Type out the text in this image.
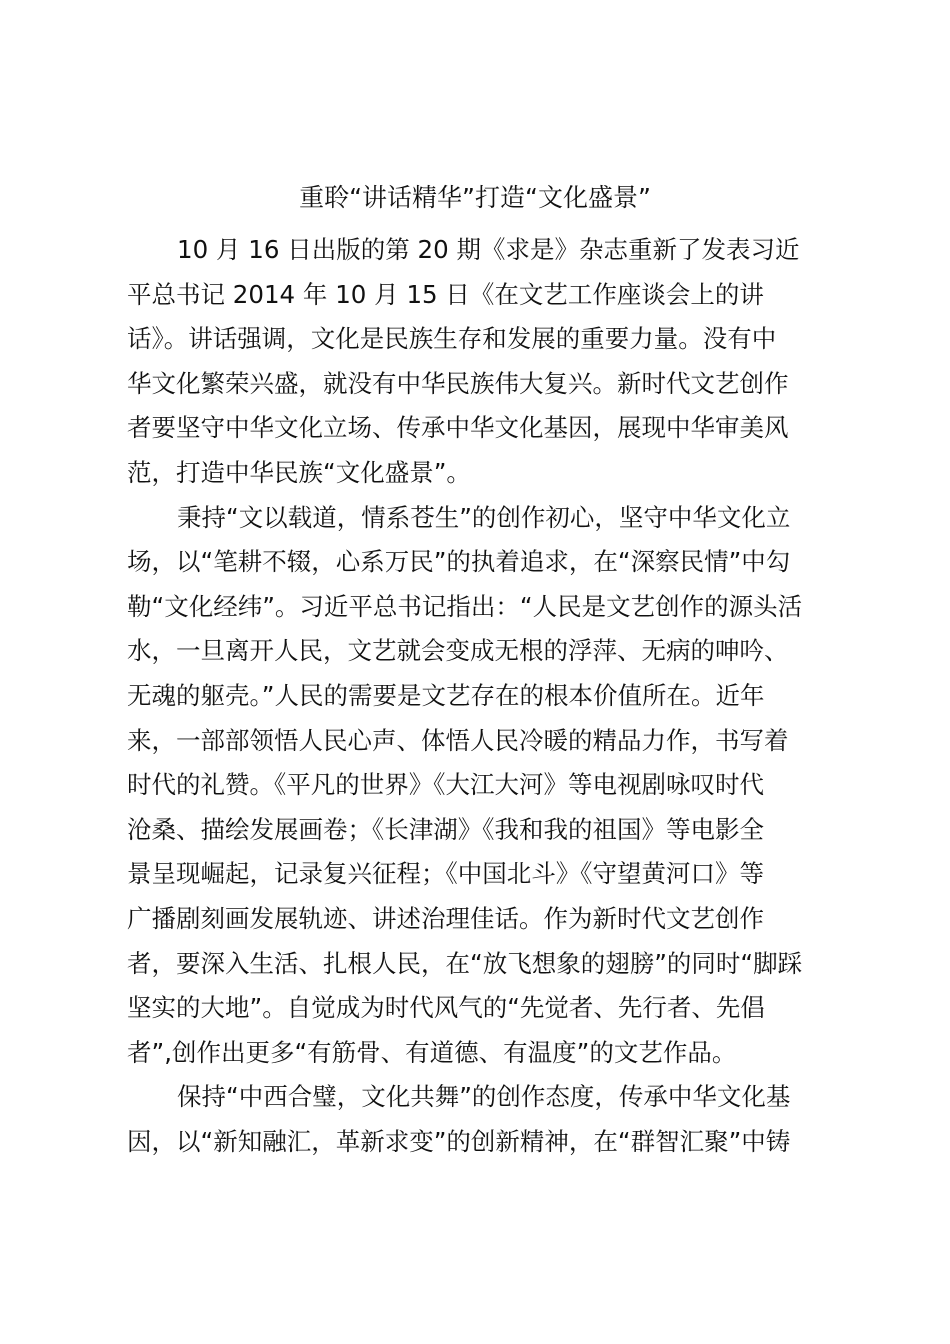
重聆“讲话精华”打造“文化盛景”
10 月 16 日出版的第 20 期《求是》杂志重新了发表习近
平总书记 2014 年 10 月 15 日《在文艺工作座谈会上的讲
话》。讲话强调，文化是民族生存和发展的重要力量。没有中
华文化繁荣兴盛，就没有中华民族伟大复兴。新时代文艺创作
者要坚守中华文化立场、传承中华文化基因，展现中华审美风
范，打造中华民族“文化盛景”。
秉持“文以载道，情系苍生”的创作初心，坚守中华文化立
场，以“笔耕不辍，心系万民”的执着追求，在“深察民情”中勾
勒“文化经纬”。习近平总书记指出：“人民是文艺创作的源头活
水，一旦离开人民，文艺就会变成无根的浮萍、无病的呻吟、
无魂的躯壳。”人民的需要是文艺存在的根本价值所在。近年
来，一部部领悟人民心声、体悟人民冷暖的精品力作，书写着
时代的礼赞。《平凡的世界》《大江大河》等电视剧咏叹时代
沧桑、描绘发展画卷；《长津湖》《我和我的祖国》等电影全
景呈现崛起，记录复兴征程；《中国北斗》《守望黄河口》等
广播剧刻画发展轨迹、讲述治理佳话。作为新时代文艺创作
者，要深入生活、扎根人民，在“放飞想象的翅膀”的同时“脚踩
坚实的大地”。自觉成为时代风气的“先觉者、先行者、先倡
者”,创作出更多“有筋骨、有道德、有温度”的文艺作品。
保持“中西合璧，文化共舞”的创作态度，传承中华文化基
因，以“新知融汇，革新求变”的创新精神，在“群智汇聚”中铸
